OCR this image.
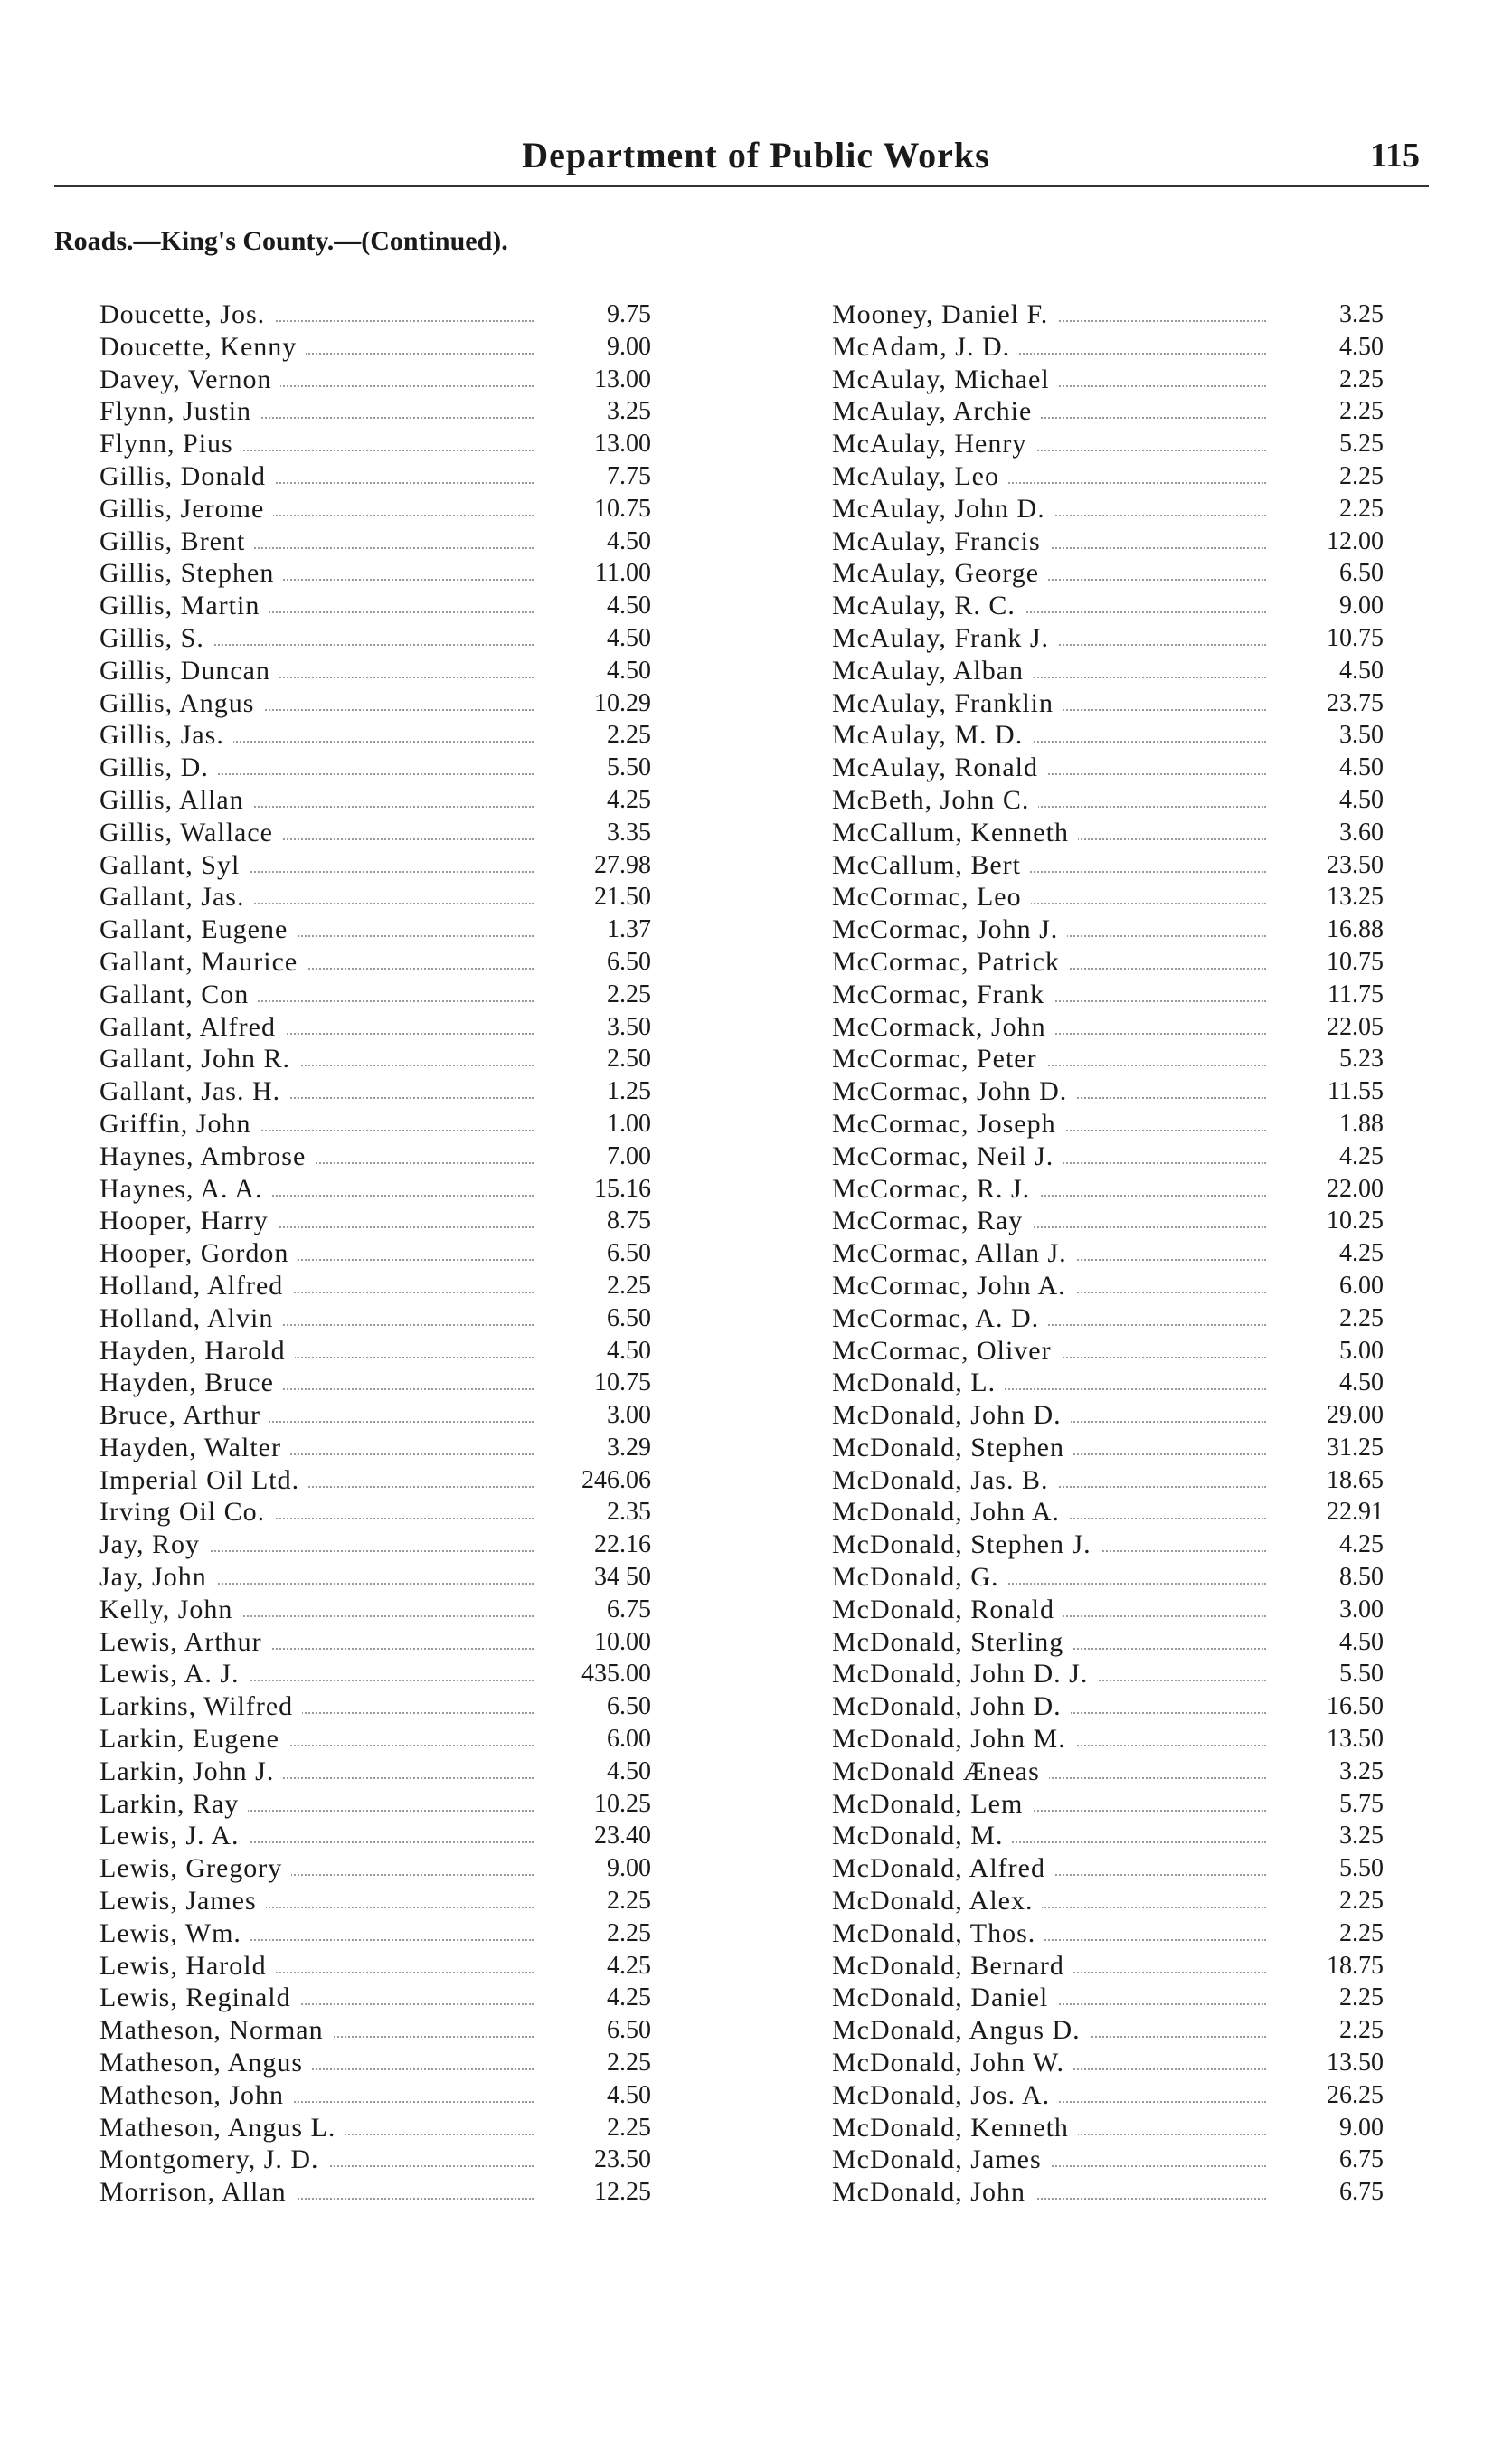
Department of Public Works	115
Roads.—King's County.—(Continued).
Doucette, Jos.	9.75
Doucette, Kenny	9.00
Davey, Vernon	13.00
Flynn, Justin	3.25
Flynn, Pius	13.00
Gillis, Donald	7.75
Gillis, Jerome	10.75
Gillis, Brent	4.50
Gillis, Stephen	11.00
Gillis, Martin	4.50
Gillis, S.	4.50
Gillis, Duncan	4.50
Gillis, Angus	10.29
Gillis, Jas.	2.25
Gillis, D.	5.50
Gillis, Allan	4.25
Gillis, Wallace	3.35
Gallant, Syl	27.98
Gallant, Jas.	21.50
Gallant, Eugene	1.37
Gallant, Maurice	6.50
Gallant, Con	2.25
Gallant, Alfred	3.50
Gallant, John R.	2.50
Gallant, Jas. H.	1.25
Griffin, John	1.00
Haynes, Ambrose	7.00
Haynes, A. A.	15.16
Hooper, Harry	8.75
Hooper, Gordon	6.50
Holland, Alfred	2.25
Holland, Alvin	6.50
Hayden, Harold	4.50
Hayden, Bruce	10.75
Bruce, Arthur	3.00
Hayden, Walter	3.29
Imperial Oil Ltd.	246.06
Irving Oil Co.	2.35
Jay, Roy	22.16
Jay, John	34 50
Kelly, John	6.75
Lewis, Arthur	10.00
Lewis, A. J.	435.00
Larkins, Wilfred	6.50
Larkin, Eugene	6.00
Larkin, John J.	4.50
Larkin, Ray	10.25
Lewis, J. A.	23.40
Lewis, Gregory	9.00
Lewis, James	2.25
Lewis, Wm.	2.25
Lewis, Harold	4.25
Lewis, Reginald	4.25
Matheson, Norman	6.50
Matheson, Angus	2.25
Matheson, John	4.50
Matheson, Angus L.	2.25
Montgomery, J. D.	23.50
Morrison, Allan	12.25
Mooney, Daniel F.	3.25
McAdam, J. D.	4.50
McAulay, Michael	2.25
McAulay, Archie	2.25
McAulay, Henry	5.25
McAulay, Leo	2.25
McAulay, John D.	2.25
McAulay, Francis	12.00
McAulay, George	6.50
McAulay, R. C.	9.00
McAulay, Frank J.	10.75
McAulay, Alban	4.50
McAulay, Franklin	23.75
McAulay, M. D.	3.50
McAulay, Ronald	4.50
McBeth, John C.	4.50
McCallum, Kenneth	3.60
McCallum, Bert	23.50
McCormac, Leo	13.25
McCormac, John J.	16.88
McCormac, Patrick	10.75
McCormac, Frank	11.75
McCormack, John	22.05
McCormac, Peter	5.23
McCormac, John D.	11.55
McCormac, Joseph	1.88
McCormac, Neil J.	4.25
McCormac, R. J.	22.00
McCormac, Ray	10.25
McCormac, Allan J.	4.25
McCormac, John A.	6.00
McCormac, A. D.	2.25
McCormac, Oliver	5.00
McDonald, L.	4.50
McDonald, John D.	29.00
McDonald, Stephen	31.25
McDonald, Jas. B.	18.65
McDonald, John A.	22.91
McDonald, Stephen J.	4.25
McDonald, G.	8.50
McDonald, Ronald	3.00
McDonald, Sterling	4.50
McDonald, John D. J.	5.50
McDonald, John D.	16.50
McDonald, John M.	13.50
McDonald Æneas	3.25
McDonald, Lem	5.75
McDonald, M.	3.25
McDonald, Alfred	5.50
McDonald, Alex.	2.25
McDonald, Thos.	2.25
McDonald, Bernard	18.75
McDonald, Daniel	2.25
McDonald, Angus D.	2.25
McDonald, John W.	13.50
McDonald, Jos. A.	26.25
McDonald, Kenneth	9.00
McDonald, James	6.75
McDonald, John	6.75
